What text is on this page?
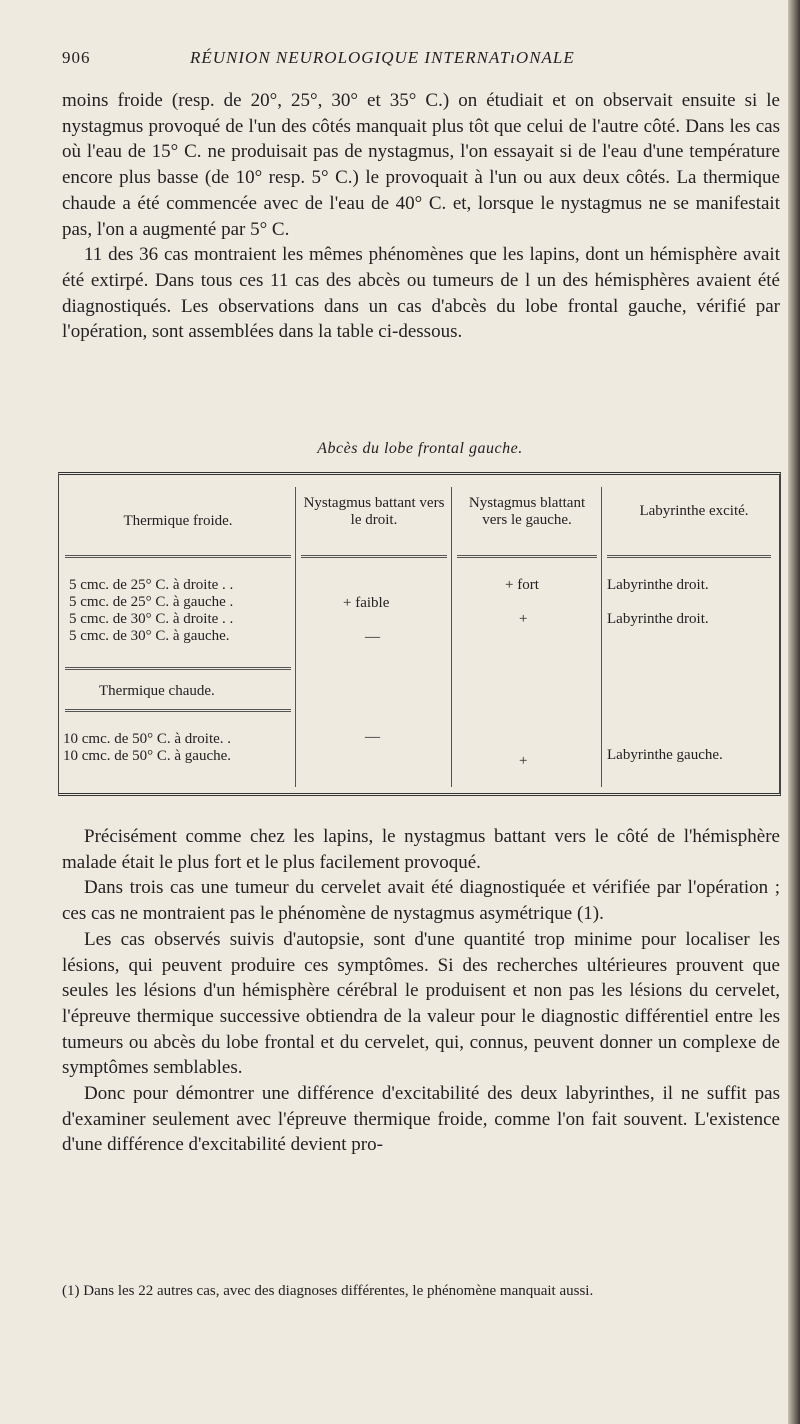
906	RÉUNION NEUROLOGIQUE INTERNATıONALE

moins froide (resp. de 20°, 25°, 30° et 35° C.) on étudiait et on observait ensuite si le nystagmus provoqué de l'un des côtés manquait plus tôt que celui de l'autre côté. Dans les cas où l'eau de 15° C. ne produisait pas de nystagmus, l'on essayait si de l'eau d'une température encore plus basse (de 10° resp. 5° C.) le provoquait à l'un ou aux deux côtés. La thermique chaude a été commencée avec de l'eau de 40° C. et, lorsque le nystagmus ne se manifestait pas, l'on a augmenté par 5° C.

11 des 36 cas montraient les mêmes phénomènes que les lapins, dont un hémisphère avait été extirpé. Dans tous ces 11 cas des abcès ou tumeurs de l un des hémisphères avaient été diagnostiqués. Les observations dans un cas d'abcès du lobe frontal gauche, vérifié par l'opération, sont assemblées dans la table ci-dessous.

Abcès du lobe frontal gauche.
Thermique froide.
Nystagmus battant vers le droit.
Nystagmus blattant vers le gauche.
Labyrinthe excité.
5 cmc. de 25° C. à droite . .
5 cmc. de 25° C. à gauche .
5 cmc. de 30° C. à droite . .
5 cmc. de 30° C. à gauche.
+ faible
—
+ fort
+
Labyrinthe droit.
Labyrinthe droit.
Thermique chaude.
10 cmc. de 50° C. à droite. .
10 cmc. de 50° C. à gauche.
—
+	Labyrinthe gauche.

Précisément comme chez les lapins, le nystagmus battant vers le côté de l'hémisphère malade était le plus fort et le plus facilement provoqué.

Dans trois cas une tumeur du cervelet avait été diagnostiquée et vérifiée par l'opération ; ces cas ne montraient pas le phénomène de nystagmus asymétrique (1).

Les cas observés suivis d'autopsie, sont d'une quantité trop minime pour localiser les lésions, qui peuvent produire ces symptômes. Si des recherches ultérieures prouvent que seules les lésions d'un hémisphère cérébral le produisent et non pas les lésions du cervelet, l'épreuve thermique successive obtiendra de la valeur pour le diagnostic différentiel entre les tumeurs ou abcès du lobe frontal et du cervelet, qui, connus, peuvent donner un complexe de symptômes semblables.

Donc pour démontrer une différence d'excitabilité des deux labyrinthes, il ne suffit pas d'examiner seulement avec l'épreuve thermique froide, comme l'on fait souvent. L'existence d'une différence d'excitabilité devient pro-

(1) Dans les 22 autres cas, avec des diagnoses différentes, le phénomène manquait aussi.
